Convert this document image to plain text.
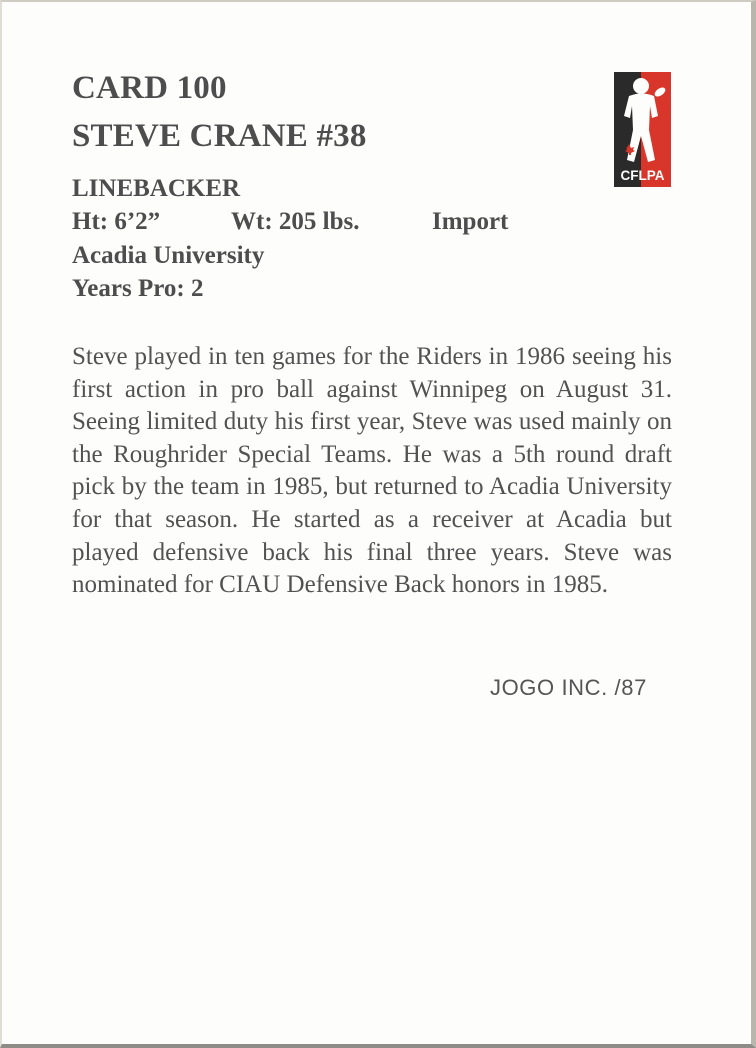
CARD 100
STEVE CRANE #38
CFLPA
LINEBACKER
Ht: 6’2”	Wt: 205 lbs.	Import
Acadia University
Years Pro: 2
Steve played in ten games for the Riders in 1986 seeing his first action in pro ball against Winnipeg on August 31. Seeing limited duty his first year, Steve was used mainly on the Roughrider Special Teams. He was a 5th round draft pick by the team in 1985, but returned to Acadia University for that season. He started as a receiver at Acadia but played defensive back his final three years. Steve was nominated for CIAU Defensive Back honors in 1985.
JOGO INC. /87
